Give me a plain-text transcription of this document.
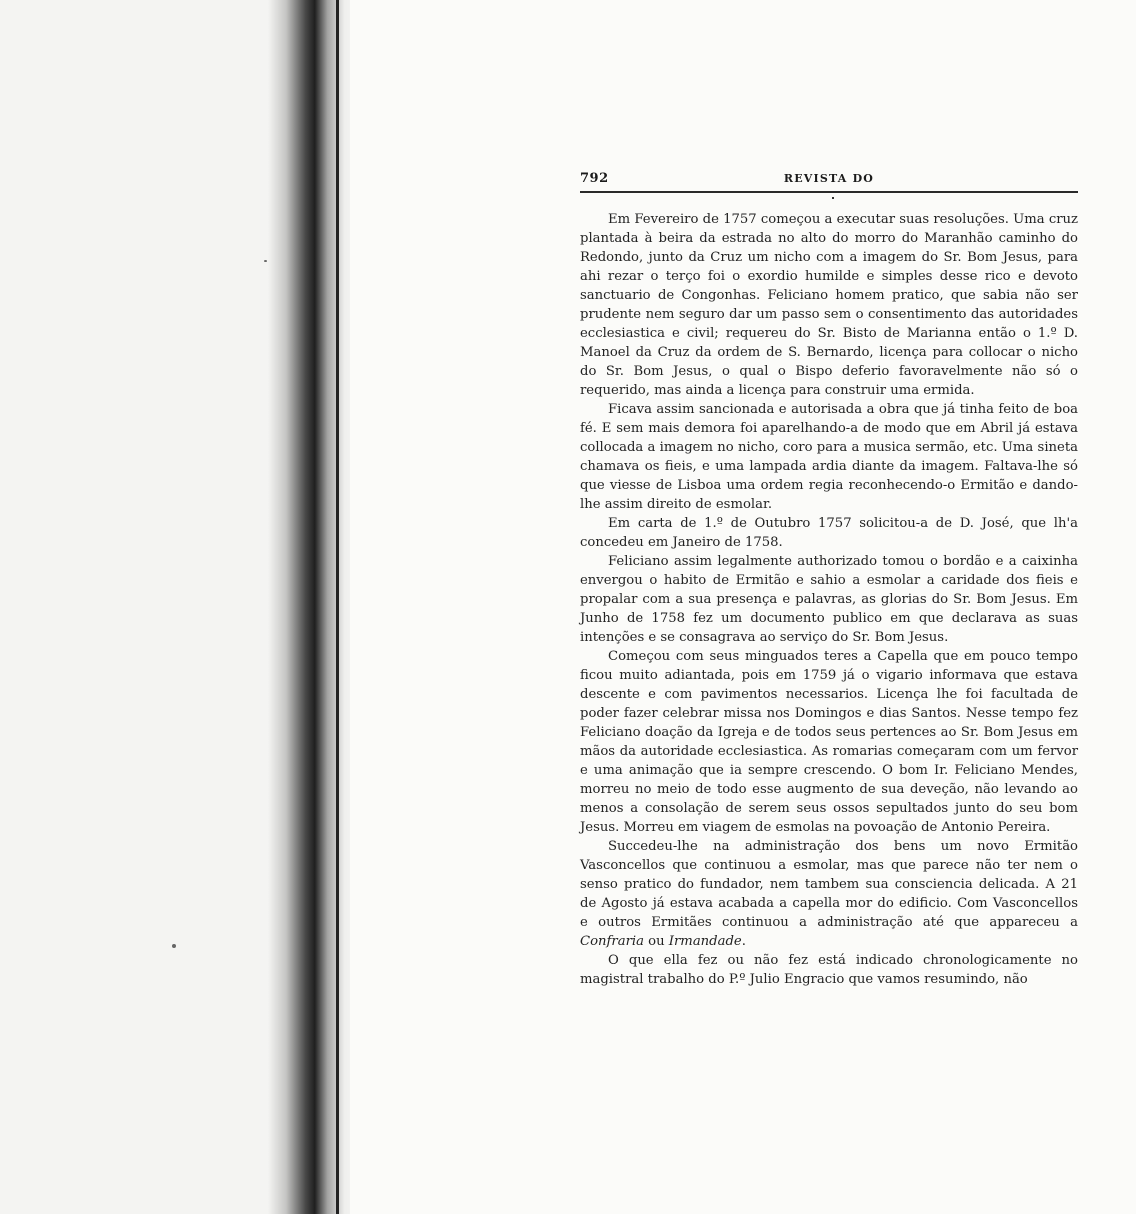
792	REVISTA DO

Em Fevereiro de 1757 começou a executar suas resoluções. Uma cruz plantada à beira da estrada no alto do morro do Maranhão caminho do Redondo, junto da Cruz um nicho com a imagem do Sr. Bom Jesus, para ahi rezar o terço foi o exordio humilde e simples desse rico e devoto sanctuario de Congonhas. Feliciano homem pratico, que sabia não ser prudente nem seguro dar um passo sem o consentimento das autoridades ecclesiastica e civil; requereu do Sr. Bisto de Marianna então o 1.º D. Manoel da Cruz da ordem de S. Bernardo, licença para collocar o nicho do Sr. Bom Jesus, o qual o Bispo deferio favoravelmente não só o requerido, mas ainda a licença para construir uma ermida.

Ficava assim sancionada e autorisada a obra que já tinha feito de boa fé. E sem mais demora foi aparelhando-a de modo que em Abril já estava collocada a imagem no nicho, coro para a musica sermão, etc. Uma sineta chamava os fieis, e uma lampada ardia diante da imagem. Faltava-lhe só que viesse de Lisboa uma ordem regia reconhecendo-o Ermitão e dando-lhe assim direito de esmolar.

Em carta de 1.º de Outubro 1757 solicitou-a de D. José, que lh'a concedeu em Janeiro de 1758.

Feliciano assim legalmente authorizado tomou o bordão e a caixinha envergou o habito de Ermitão e sahio a esmolar a caridade dos fieis e propalar com a sua presença e palavras, as glorias do Sr. Bom Jesus. Em Junho de 1758 fez um documento publico em que declarava as suas intenções e se consagrava ao serviço do Sr. Bom Jesus.

Começou com seus minguados teres a Capella que em pouco tempo ficou muito adiantada, pois em 1759 já o vigario informava que estava descente e com pavimentos necessarios. Licença lhe foi facultada de poder fazer celebrar missa nos Domingos e dias Santos. Nesse tempo fez Feliciano doação da Igreja e de todos seus pertences ao Sr. Bom Jesus em mãos da autoridade ecclesiastica. As romarias começaram com um fervor e uma animação que ia sempre crescendo. O bom Ir. Feliciano Mendes, morreu no meio de todo esse augmento de sua deveção, não levando ao menos a consolação de serem seus ossos sepultados junto do seu bom Jesus. Morreu em viagem de esmolas na povoação de Antonio Pereira.

Succedeu-lhe na administração dos bens um novo Ermitão Vasconcellos que continuou a esmolar, mas que parece não ter nem o senso pratico do fundador, nem tambem sua consciencia delicada. A 21 de Agosto já estava acabada a capella mor do edificio. Com Vasconcellos e outros Ermitães continuou a administração até que appareceu a Confraria ou Irmandade.

O que ella fez ou não fez está indicado chronologicamente no magistral trabalho do P.º Julio Engracio que vamos resumindo, não
